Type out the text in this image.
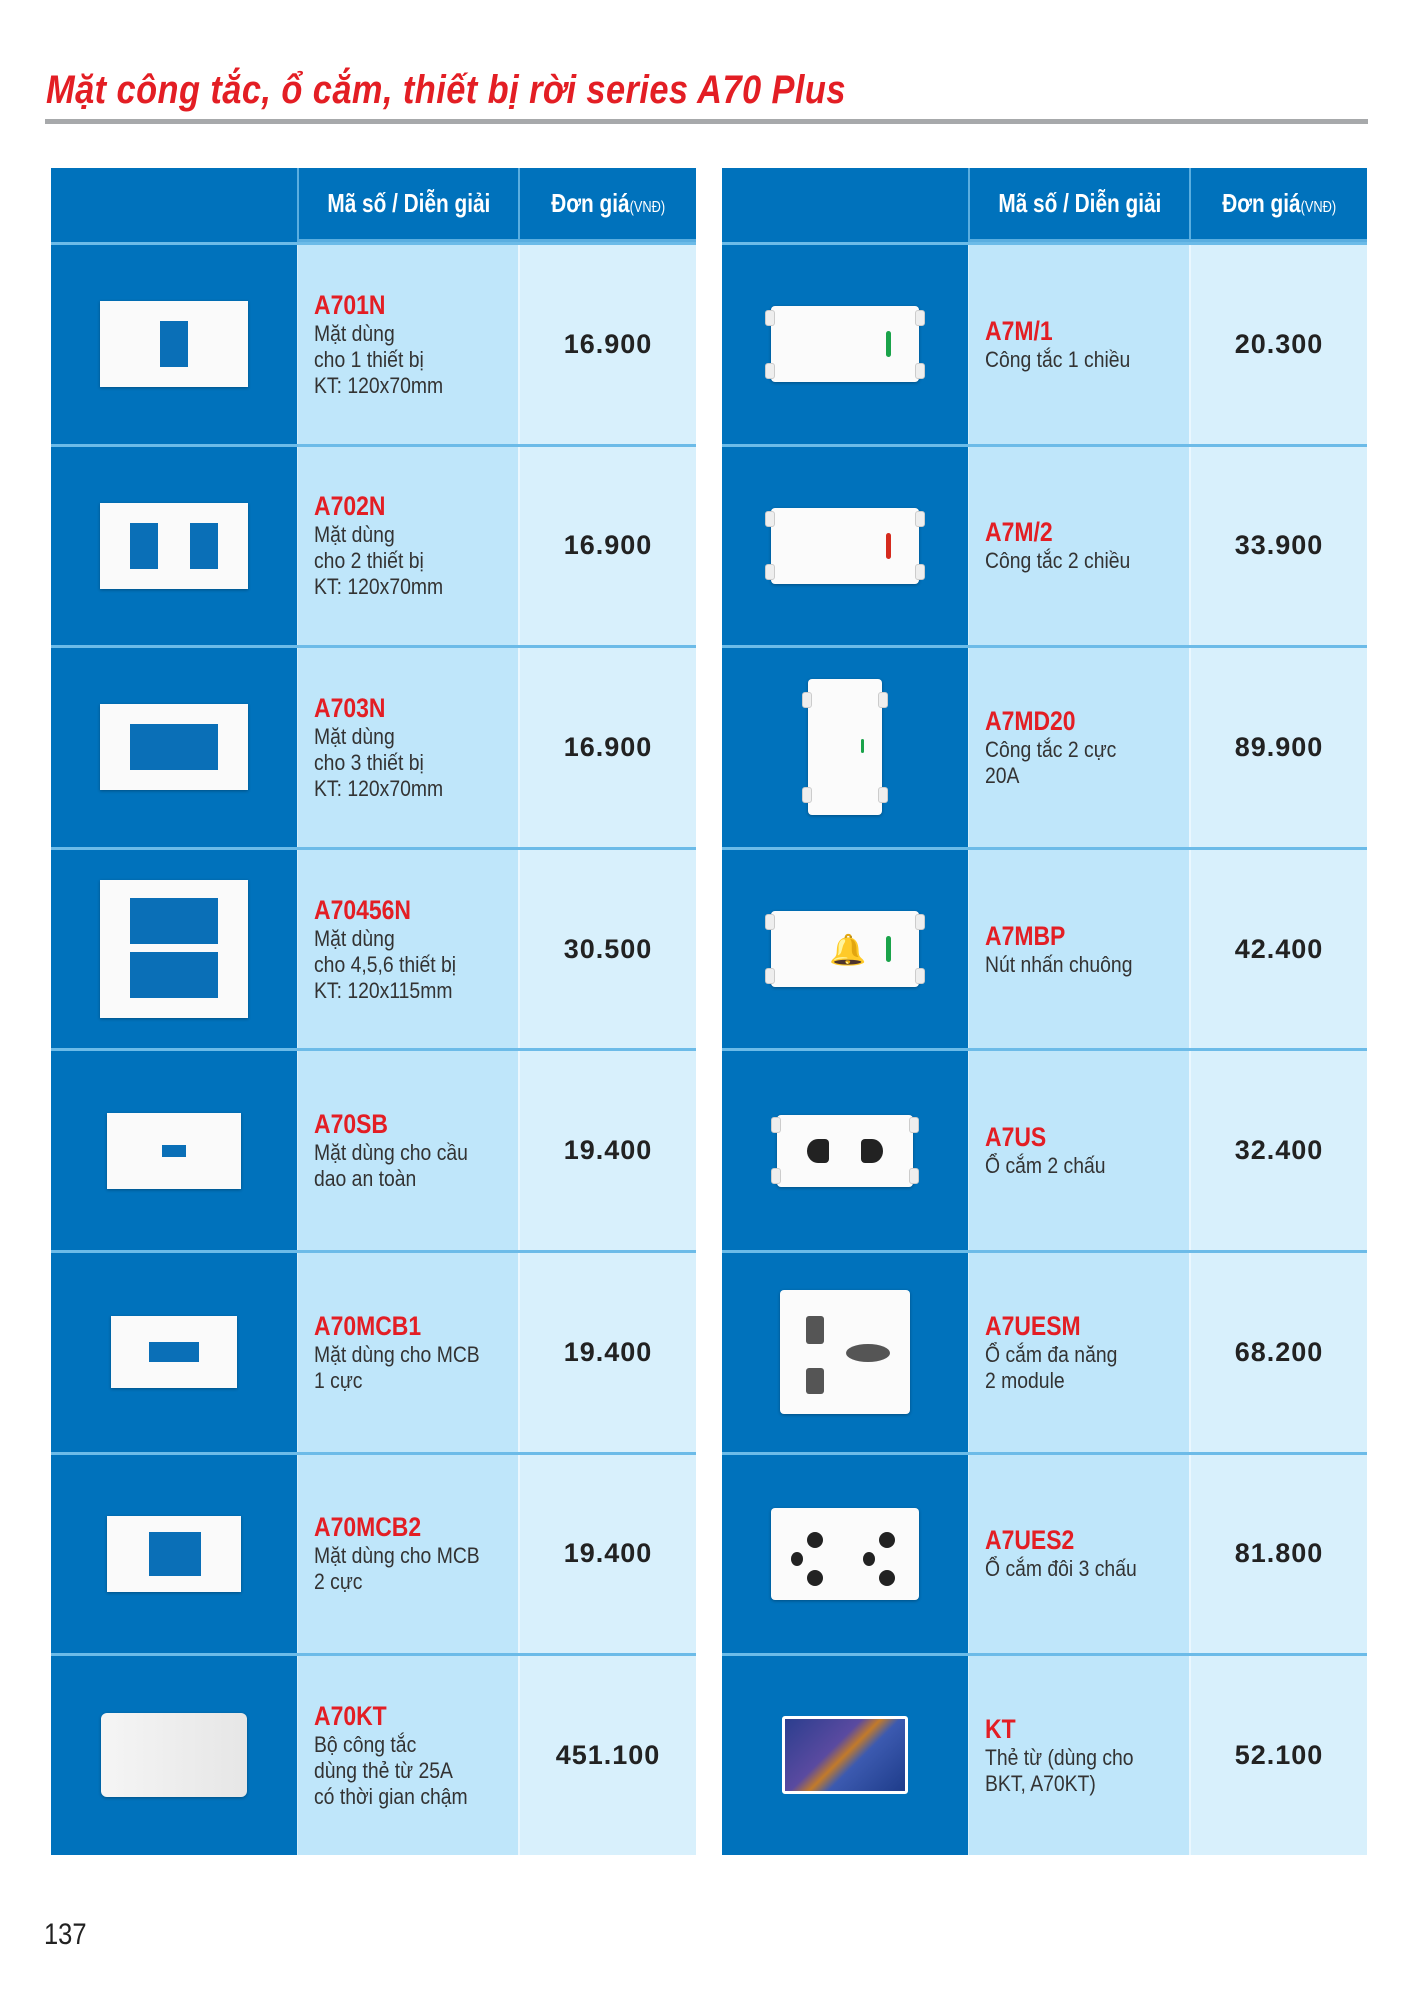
Mặt công tắc, ổ cắm, thiết bị rời series A70 Plus
Mã số / Diễn giải Đơn giá(VNĐ)
A701N
Mặt dùng
cho 1 thiết bị
KT: 120x70mm
16.900
A702N
Mặt dùng
cho 2 thiết bị
KT: 120x70mm
16.900
A703N
Mặt dùng
cho 3 thiết bị
KT: 120x70mm
16.900
A70456N
Mặt dùng
cho 4,5,6 thiết bị
KT: 120x115mm
30.500
A70SB
Mặt dùng cho cầu
dao an toàn
19.400
A70MCB1
Mặt dùng cho MCB
1 cực
19.400
A70MCB2
Mặt dùng cho MCB
2 cực
19.400
A70KT
Bộ công tắc
dùng thẻ từ 25A
có thời gian chậm
451.100
Mã số / Diễn giải Đơn giá(VNĐ)
A7M/1
Công tắc 1 chiều
20.300
A7M/2
Công tắc 2 chiều
33.900
A7MD20
Công tắc 2 cực 20A
89.900
🔔	A7MBP
Nút nhấn chuông
42.400
A7US
Ổ cắm 2 chấu
32.400
A7UESM
Ổ cắm đa năng
2 module
68.200
A7UES2
Ổ cắm đôi 3 chấu
81.800
KT
Thẻ từ (dùng cho
BKT, A70KT)
52.100
137
